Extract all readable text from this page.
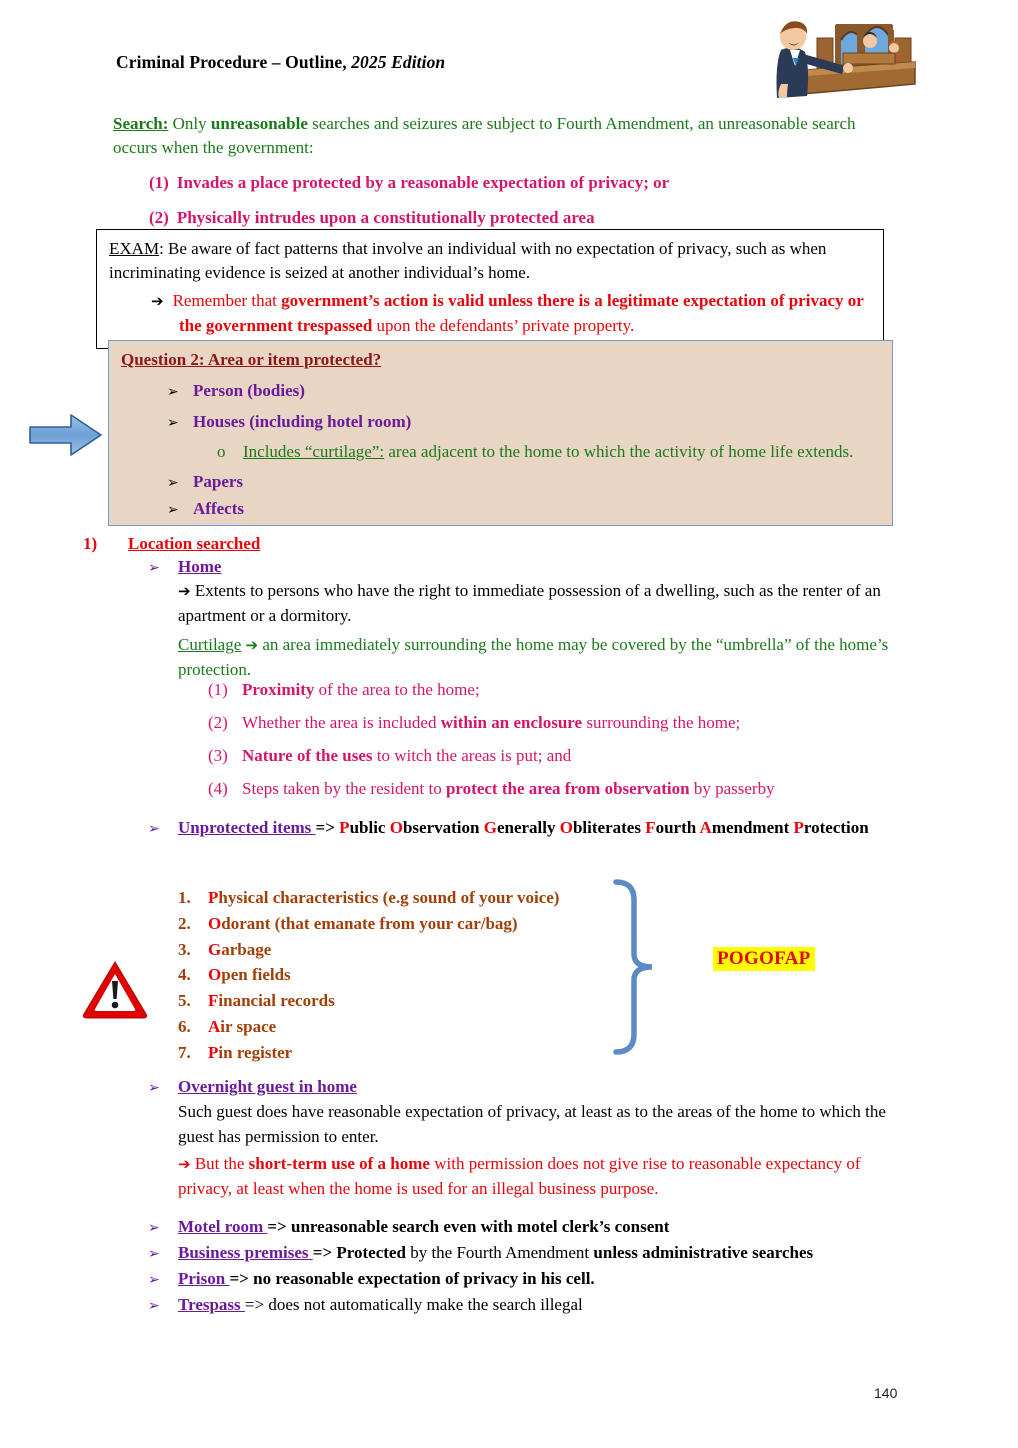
Criminal Procedure – Outline, 2025 Edition
Search: Only unreasonable searches and seizures are subject to Fourth Amendment, an unreasonable search occurs when the government:
(1) Invades a place protected by a reasonable expectation of privacy; or
(2) Physically intrudes upon a constitutionally protected area
EXAM: Be aware of fact patterns that involve an individual with no expectation of privacy, such as when incriminating evidence is seized at another individual’s home.
➔ Remember that government’s action is valid unless there is a legitimate expectation of privacy or the government trespassed upon the defendants’ private property.
Question 2: Area or item protected?
➢ Person (bodies)
➢ Houses (including hotel room)
o Includes “curtilage”: area adjacent to the home to which the activity of home life extends.
➢ Papers
➢ Affects
1) Location searched
➢ Home
➔ Extents to persons who have the right to immediate possession of a dwelling, such as the renter of an apartment or a dormitory.
Curtilage ➔ an area immediately surrounding the home may be covered by the “umbrella” of the home’s protection.
(1) Proximity of the area to the home;
(2) Whether the area is included within an enclosure surrounding the home;
(3) Nature of the uses to witch the areas is put; and
(4) Steps taken by the resident to protect the area from observation by passerby
➢ Unprotected items => Public Observation Generally Obliterates Fourth Amendment Protection
1. Physical characteristics (e.g sound of your voice)
2. Odorant (that emanate from your car/bag)
3. Garbage
4. Open fields
5. Financial records
6. Air space
7. Pin register
POGOFAP
➢ Overnight guest in home
Such guest does have reasonable expectation of privacy, at least as to the areas of the home to which the guest has permission to enter.
➔ But the short-term use of a home with permission does not give rise to reasonable expectancy of privacy, at least when the home is used for an illegal business purpose.
➢ Motel room => unreasonable search even with motel clerk’s consent
➢ Business premises => Protected by the Fourth Amendment unless administrative searches
➢ Prison => no reasonable expectation of privacy in his cell.
➢ Trespass => does not automatically make the search illegal
140
